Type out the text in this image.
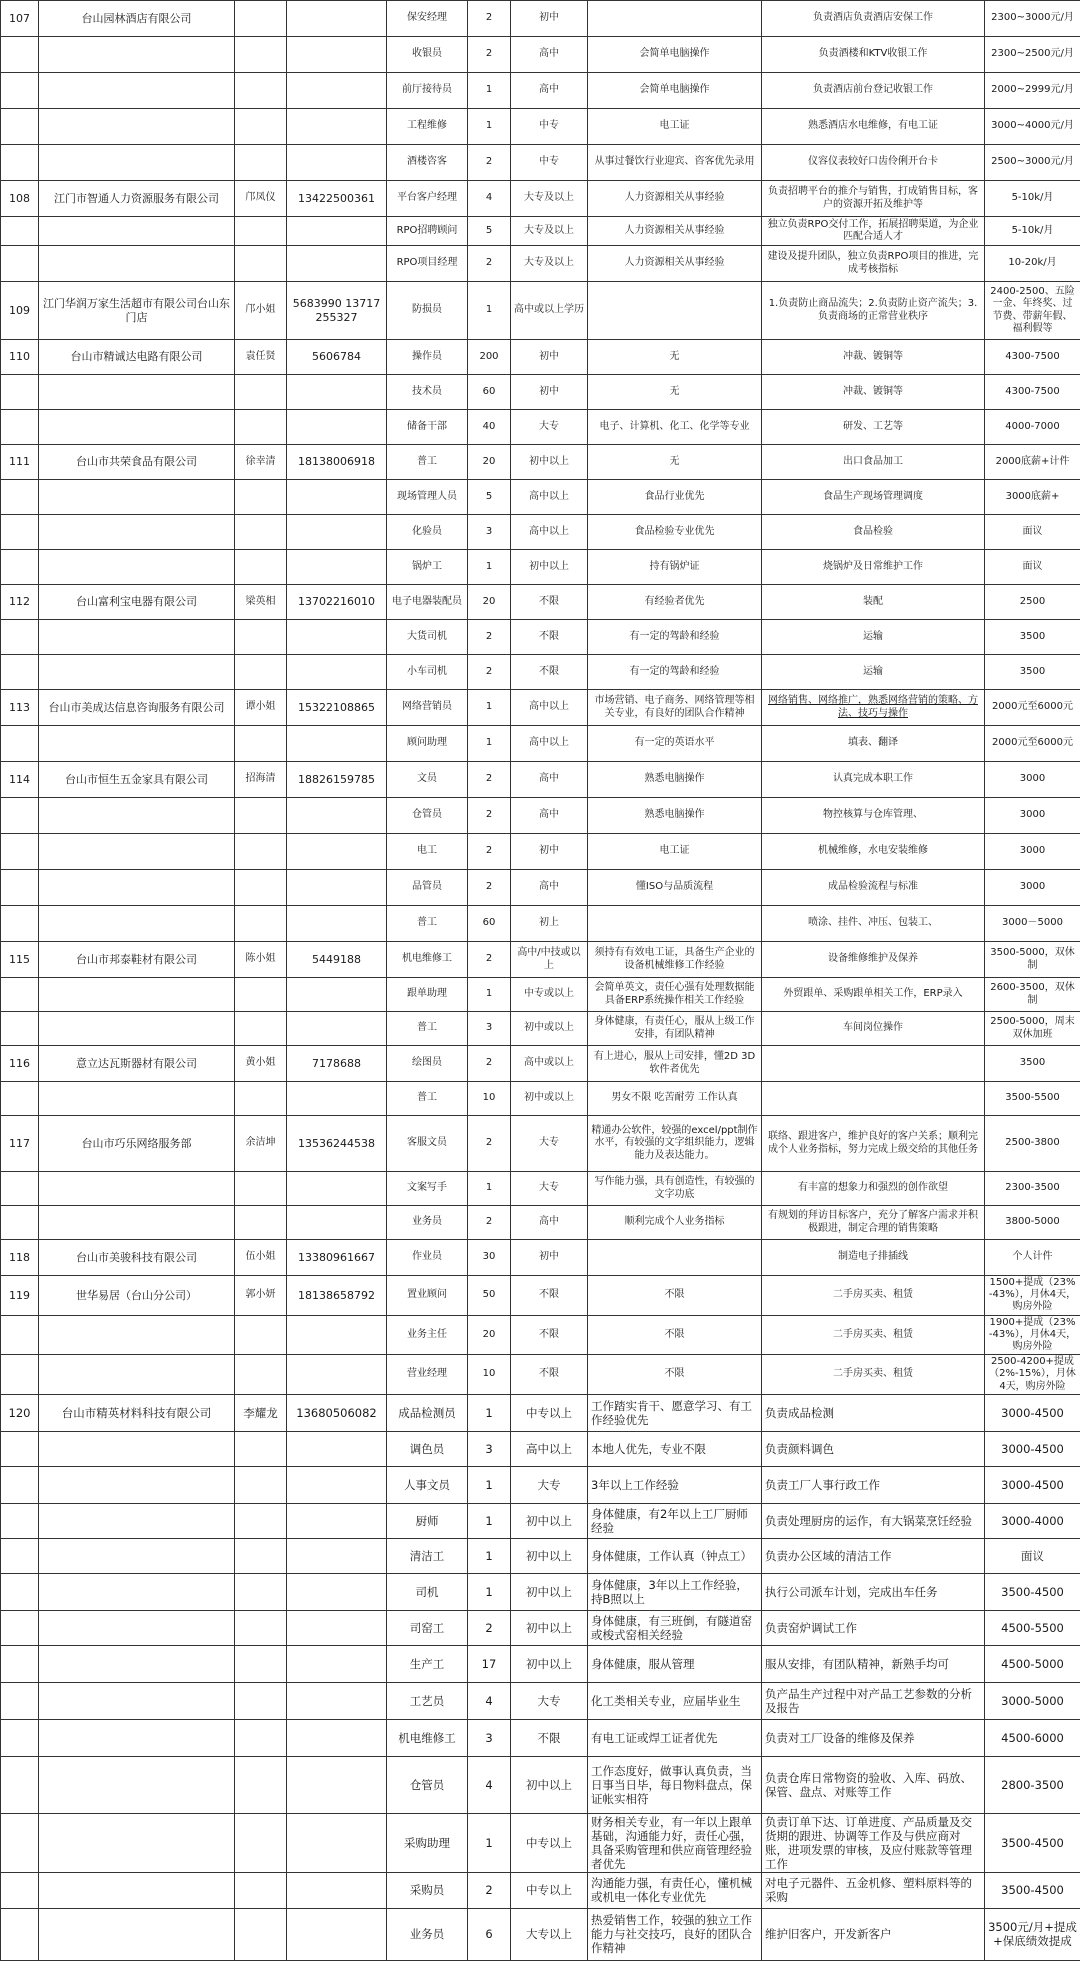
107	台山园林酒店有限公司			保安经理	2	初中		负责酒店负责酒店安保工作	2300~3000元/月
				收银员	2	高中	会简单电脑操作	负责酒楼和KTV收银工作	2300~2500元/月
				前厅接待员	1	高中	会简单电脑操作	负责酒店前台登记收银工作	2000~2999元/月
				工程维修	1	中专	电工证	熟悉酒店水电维修，有电工证	3000~4000元/月
				酒楼咨客	2	中专	从事过餐饮行业迎宾、咨客优先录用	仪容仪表较好口齿伶俐开台卡	2500~3000元/月
108	江门市智通人力资源服务有限公司	邝凤仪	13422500361	平台客户经理	4	大专及以上	人力资源相关从事经验	负责招聘平台的推介与销售，打成销售目标，客户的资源开拓及维护等	5-10k/月
				RPO招聘顾问	5	大专及以上	人力资源相关从事经验	独立负责RPO交付工作，拓展招聘渠道，为企业匹配合适人才	5-10k/月
				RPO项目经理	2	大专及以上	人力资源相关从事经验	建设及提升团队，独立负责RPO项目的推进，完成考核指标	10-20k/月
109	江门华润万家生活超市有限公司台山东门店	邝小姐	5683990 13717255327	防损员	1	高中或以上学历		1.负责防止商品流失；2.负责防止资产流失；3.负责商场的正常营业秩序	2400-2500、五险一金、年终奖、过节费、带薪年假、福利假等
110	台山市精诚达电路有限公司	袁任贤	5606784	操作员	200	初中	无	冲裁、镀铜等	4300-7500
				技术员	60	初中	无	冲裁、镀铜等	4300-7500
				储备干部	40	大专	电子、计算机、化工、化学等专业	研发、工艺等	4000-7000
111	台山市共荣食品有限公司	徐幸清	18138006918	普工	20	初中以上	无	出口食品加工	2000底薪+计件
				现场管理人员	5	高中以上	食品行业优先	食品生产现场管理调度	3000底薪+
				化验员	3	高中以上	食品检验专业优先	食品检验	面议
				锅炉工	1	初中以上	持有锅炉证	烧锅炉及日常维护工作	面议
112	台山富利宝电器有限公司	梁英相	13702216010	电子电器装配员	20	不限	有经验者优先	装配	2500
				大货司机	2	不限	有一定的驾龄和经验	运输	3500
				小车司机	2	不限	有一定的驾龄和经验	运输	3500
113	台山市美成达信息咨询服务有限公司	谭小姐	15322108865	网络营销员	1	高中以上	市场营销、电子商务、网络管理等相关专业，有良好的团队合作精神	网络销售、网络推广，熟悉网络营销的策略、方法、技巧与操作	2000元至6000元
				顾问助理	1	高中以上	有一定的英语水平	填表、翻译	2000元至6000元
114	台山市恒生五金家具有限公司	招海清	18826159785	文员	2	高中	熟悉电脑操作	认真完成本职工作	3000
				仓管员	2	高中	熟悉电脑操作	物控核算与仓库管理、	3000
				电工	2	初中	电工证	机械维修，水电安装维修	3000
				品管员	2	高中	懂ISO与品质流程	成品检验流程与标准	3000
				普工	60	初上		喷涂、挂件、冲压、包装工、	3000－5000
115	台山市邦泰鞋材有限公司	陈小姐	5449188	机电维修工	2	高中/中技或以上	须持有有效电工证，具备生产企业的设备机械维修工作经验	设备维修维护及保养	3500-5000，双休制
				跟单助理	1	中专或以上	会简单英文，责任心强有处理数据能具备ERP系统操作相关工作经验	外贸跟单、采购跟单相关工作，ERP录入	2600-3500，双休制
				普工	3	初中或以上	身体健康，有责任心，服从上级工作安排，有团队精神	车间岗位操作	2500-5000，周末双休加班
116	意立达瓦斯器材有限公司	黄小姐	7178688	绘图员	2	高中或以上	有上进心，服从上司安排，懂2D 3D软件者优先		3500
				普工	10	初中或以上	男女不限 吃苦耐劳 工作认真		3500-5500
117	台山市巧乐网络服务部	余洁坤	13536244538	客服文员	2	大专	精通办公软件，较强的excel/ppt制作水平，有较强的文字组织能力，逻辑能力及表达能力。	联络、跟进客户，维护良好的客户关系；顺利完成个人业务指标，努力完成上级交给的其他任务	2500-3800
				文案写手	1	大专	写作能力强，具有创造性，有较强的文字功底	有丰富的想象力和强烈的创作欲望	2300-3500
				业务员	2	高中	顺利完成个人业务指标	有规划的拜访目标客户，充分了解客户需求并积极跟进，制定合理的销售策略	3800-5000
118	台山市美骏科技有限公司	伍小姐	13380961667	作业员	30	初中		制造电子排插线	个人计件
119	世华易居（台山分公司）	郭小妍	18138658792	置业顾问	50	不限	不限	二手房买卖、租赁	1500+提成（23%-43%），月休4天，购房外险
				业务主任	20	不限	不限	二手房买卖、租赁	1900+提成（23%-43%），月休4天，购房外险
				营业经理	10	不限	不限	二手房买卖、租赁	2500-4200+提成（2%-15%），月休4天，购房外险
120	台山市精英材料科技有限公司	李耀龙	13680506082	成品检测员	1	中专以上	工作踏实肯干、愿意学习、有工作经验优先	负责成品检测	3000-4500
				调色员	3	高中以上	本地人优先，专业不限	负责颜料调色	3000-4500
				人事文员	1	大专	3年以上工作经验	负责工厂人事行政工作	3000-4500
				厨师	1	初中以上	身体健康，有2年以上工厂厨师经验	负责处理厨房的运作，有大锅菜烹饪经验	3000-4000
				清洁工	1	初中以上	身体健康，工作认真（钟点工）	负责办公区域的清洁工作	面议
				司机	1	初中以上	身体健康，3年以上工作经验，持B照以上	执行公司派车计划，完成出车任务	3500-4500
				司窑工	2	初中以上	身体健康，有三班倒，有隧道窑或梭式窑相关经验	负责窑炉调试工作	4500-5500
				生产工	17	初中以上	身体健康，服从管理	服从安排，有团队精神，新熟手均可	4500-5000
				工艺员	4	大专	化工类相关专业，应届毕业生	负产品生产过程中对产品工艺参数的分析及报告	3000-5000
				机电维修工	3	不限	有电工证或焊工证者优先	负责对工厂设备的维修及保养	4500-6000
				仓管员	4	初中以上	工作态度好，做事认真负责，当日事当日毕，每日物料盘点，保证帐实相符	负责仓库日常物资的验收、入库、码放、保管、盘点、对账等工作	2800-3500
				采购助理	1	中专以上	财务相关专业，有一年以上跟单基础，沟通能力好，责任心强，具备采购管理和供应商管理经验者优先	负责订单下达、订单进度、产品质量及交货期的跟进、协调等工作及与供应商对账，进项发票的审核，及应付账款等管理工作	3500-4500
				采购员	2	中专以上	沟通能力强，有责任心，懂机械或机电一体化专业优先	对电子元器件、五金机修、塑料原料等的采购	3500-4500
				业务员	6	大专以上	热爱销售工作，较强的独立工作能力与社交技巧，良好的团队合作精神	维护旧客户，开发新客户	3500元/月+提成+保底绩效提成
